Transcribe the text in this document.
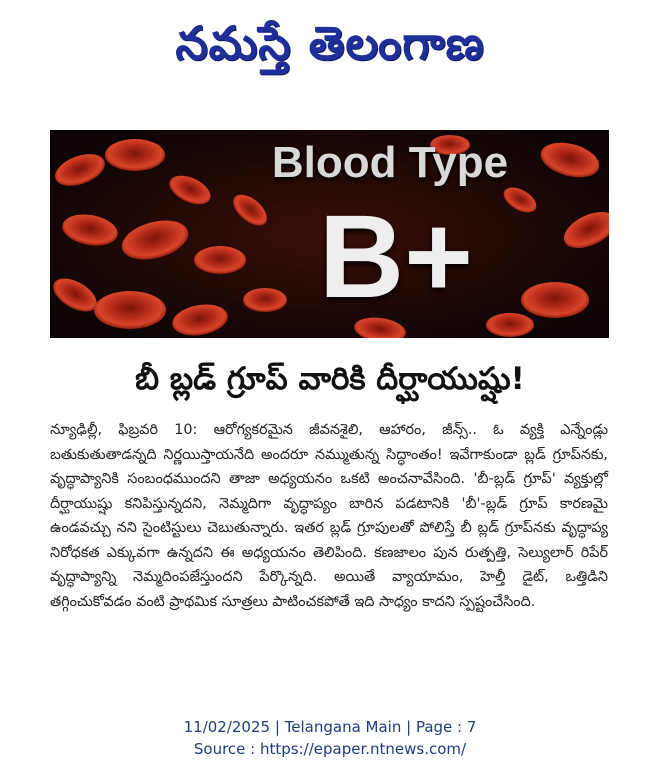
నమస్తే తెలంగాణ
Blood Type
B+
బీ బ్లడ్ గ్రూప్ వారికి దీర్ఘాయుష్షు!
న్యూఢిల్లీ, ఫిబ్రవరి 10: ఆరోగ్యకరమైన జీవనశైలి, ఆహారం, జీన్స్.. ఓ వ్యక్తి ఎన్నేండ్లు బతుకుతుతాడన్నది నిర్ణయిస్తాయనేది అందరూ నమ్ముతున్న సిద్ధాంతం! ఇవేగాకుండా బ్లడ్ గ్రూప్‌నకు, వృద్ధాప్యానికి సంబంధముందని తాజా అధ్యయనం ఒకటి అంచనావేసింది. 'బీ-బ్లడ్ గ్రూప్' వ్యక్తుల్లో దీర్ఘాయుష్షు కనిపిస్తున్నదని, నెమ్మదిగా వృద్ధాప్యం బారిన పడటానికి 'బీ'-బ్లడ్ గ్రూప్ కారణమై ఉండవచ్చు నని సైంటిస్టులు చెబుతున్నారు. ఇతర బ్లడ్ గ్రూపులతో పోలిస్తే బీ బ్లడ్ గ్రూప్‌నకు వృద్ధాప్య నిరోధకత ఎక్కువగా ఉన్నదని ఈ అధ్యయనం తెలిపింది. కణజాలం పున రుత్పత్తి, సెల్యులార్ రిపేర్ వృద్ధాప్యాన్ని నెమ్మదింపజేస్తుందని పేర్కొన్నది. అయితే వ్యాయామం, హెల్తీ డైట్, ఒత్తిడిని తగ్గించుకోవడం వంటి ప్రాథమిక సూత్రలు పాటించకపోతే ఇది సాధ్యం కాదని స్పష్టంచేసింది.
11/02/2025 | Telangana Main | Page : 7
Source : https://epaper.ntnews.com/
